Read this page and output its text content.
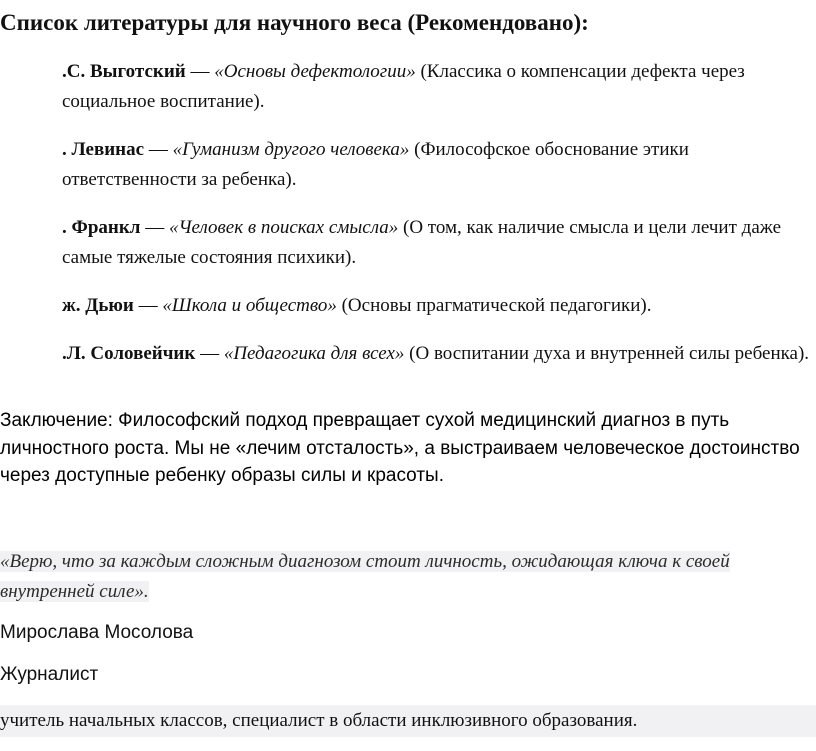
Список литературы для научного веса (Рекомендовано):

.С. Выготский — «Основы дефектологии» (Классика о компенсации дефекта через социальное воспитание).

. Левинас — «Гуманизм другого человека» (Философское обоснование этики ответственности за ребенка).

. Франкл — «Человек в поисках смысла» (О том, как наличие смысла и цели лечит даже самые тяжелые состояния психики).

ж. Дьюи — «Школа и общество» (Основы прагматической педагогики).

.Л. Соловейчик — «Педагогика для всех» (О воспитании духа и внутренней силы ребенка).

Заключение: Философский подход превращает сухой медицинский диагноз в путь личностного роста. Мы не «лечим отсталость», а выстраиваем человеческое достоинство через доступные ребенку образы силы и красоты.
«Верю, что за каждым сложным диагнозом стоит личность, ожидающая ключа к своей внутренней силе».
Мирослава Мосолова
Журналист
учитель начальных классов, специалист в области инклюзивного образования.
